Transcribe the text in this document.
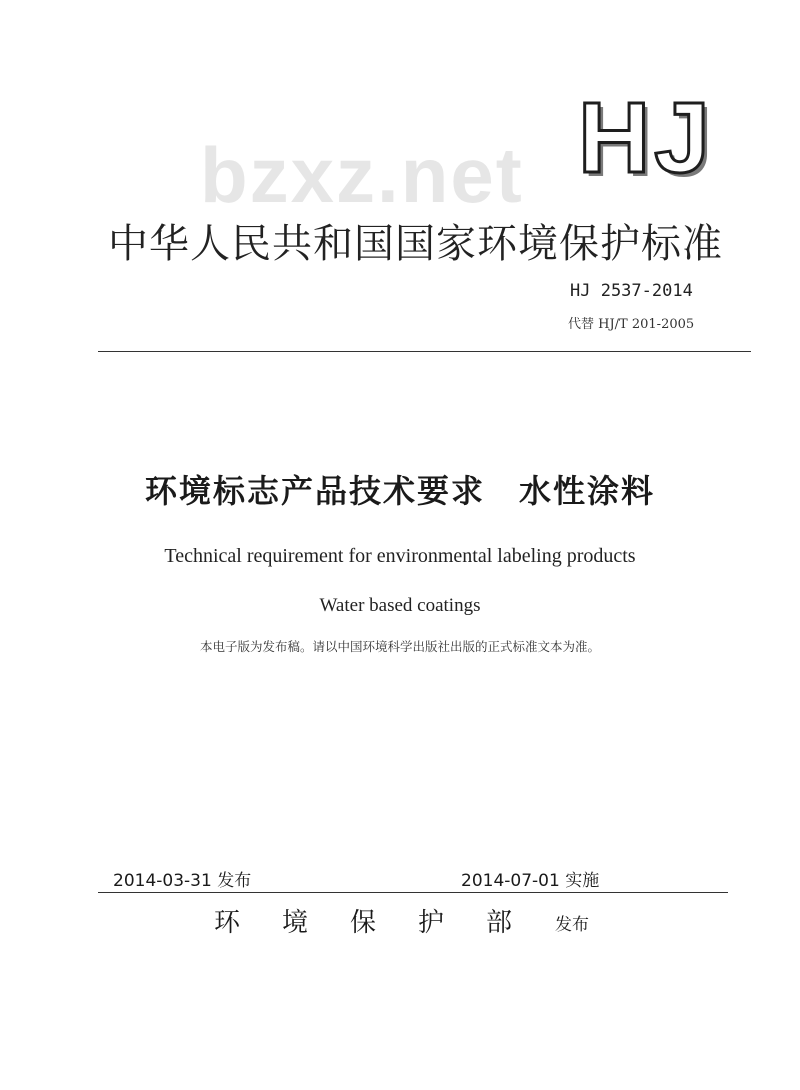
bzxz.net HJ
中华人民共和国国家环境保护标准
HJ 2537-2014
代替 HJ/T 201-2005
环境标志产品技术要求　水性涂料
Technical requirement for environmental labeling products
Water based coatings
本电子版为发布稿。请以中国环境科学出版社出版的正式标准文本为准。
2014-03-31 发布	2014-07-01 实施
环境保护部 发布
